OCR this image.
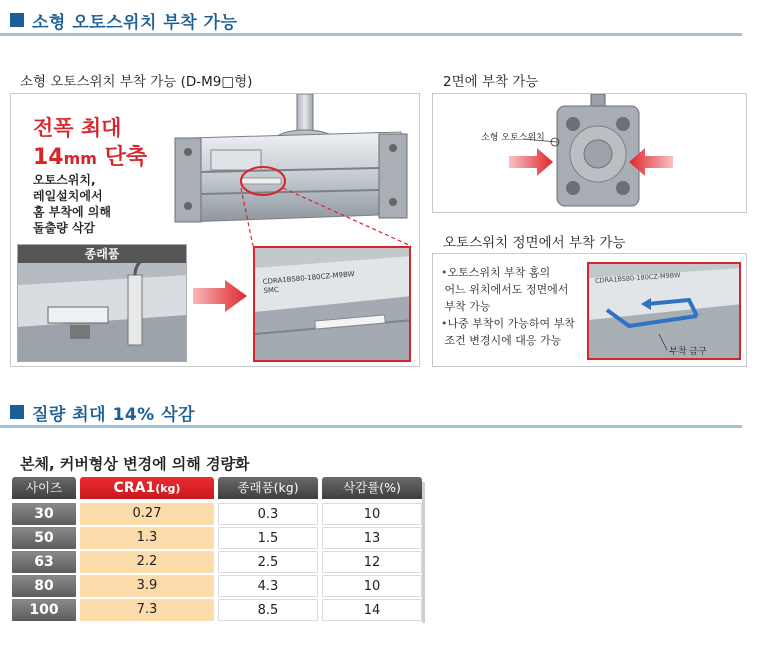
소형 오토스위치 부착 가능
소형 오토스위치 부착 가능 (D-M9□형)	2면에 부착 가능
오토스위치 정면에서 부착 가능
전폭 최대
14mm 단축
오토스위치,
레일설치에서
홈 부착에 의해
돌출량 삭감
종래품
CDRA1BS80-180CZ-M9BW
SMC
소형 오토스위치
•오토스위치 부착 홈의
어느 위치에서도 정면에서
부착 가능
•나중 부착이 가능하여 부착
조건 변경시에 대응 가능
CDRA1BS80-180CZ-M9BW
부착 금구
질량 최대 14% 삭감
본체, 커버형상 변경에 의해 경량화
사이즈	CRA1(kg)	종래품(kg)	삭감률(%)
30	0.27	0.3	10
50	1.3	1.5	13
63	2.2	2.5	12
80	3.9	4.3	10
100	7.3	8.5	14
